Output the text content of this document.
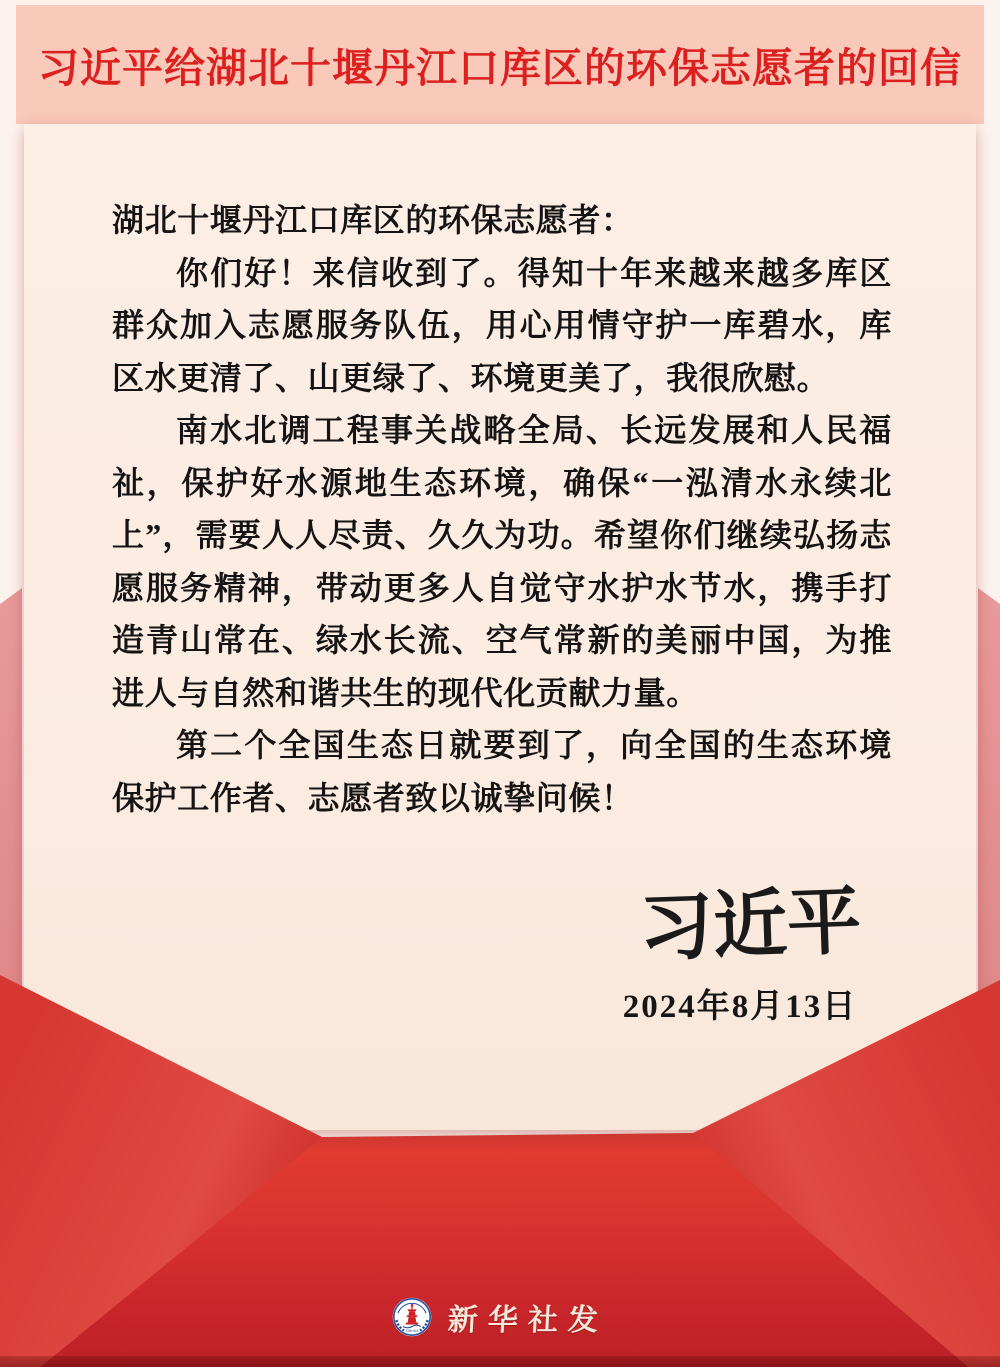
习近平给湖北十堰丹江口库区的环保志愿者的回信

湖北十堰丹江口库区的环保志愿者：

你们好！来信收到了。得知十年来越来越多库区群众加入志愿服务队伍，用心用情守护一库碧水，库区水更清了、山更绿了、环境更美了，我很欣慰。

南水北调工程事关战略全局、长远发展和人民福祉，保护好水源地生态环境，确保“一泓清水永续北上”，需要人人尽责、久久为功。希望你们继续弘扬志愿服务精神，带动更多人自觉守水护水节水，携手打造青山常在、绿水长流、空气常新的美丽中国，为推进人与自然和谐共生的现代化贡献力量。

第二个全国生态日就要到了，向全国的生态环境保护工作者、志愿者致以诚挚问候！

习近平
2024年8月13日
XINHUA 新华社发
